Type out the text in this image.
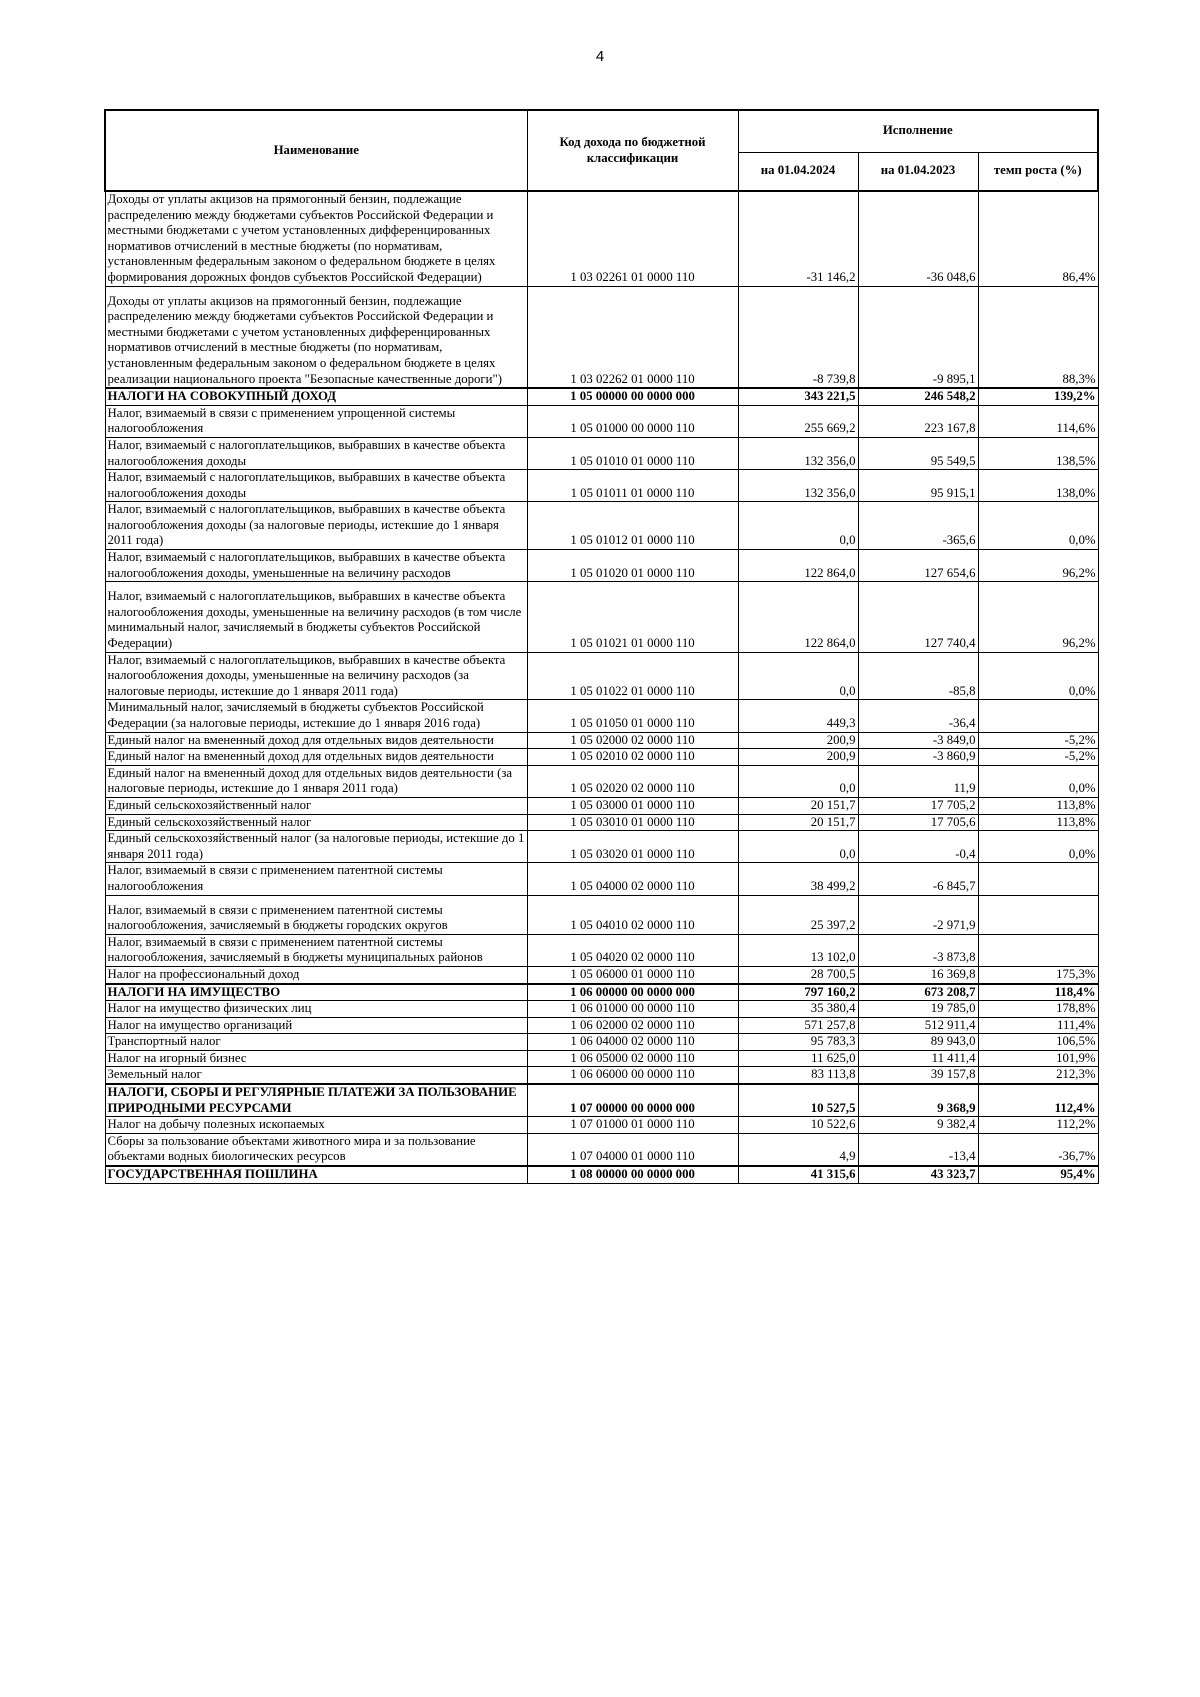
4
Наименование	Код дохода по бюджетной классификации	Исполнение		
		на 01.04.2024	на 01.04.2023	темп роста (%)
Доходы от уплаты акцизов на прямогонный бензин, подлежащие распределению между бюджетами субъектов Российской Федерации и местными бюджетами с учетом установленных дифференцированных нормативов отчислений в местные бюджеты (по нормативам, установленным федеральным законом о федеральном бюджете в целях формирования дорожных фондов субъектов Российской Федерации)	1 03 02261 01 0000 110	-31 146,2	-36 048,6	86,4%
Доходы от уплаты акцизов на прямогонный бензин, подлежащие распределению между бюджетами субъектов Российской Федерации и местными бюджетами с учетом установленных дифференцированных нормативов отчислений в местные бюджеты (по нормативам, установленным федеральным законом о федеральном бюджете в целях реализации национального проекта "Безопасные качественные дороги")	1 03 02262 01 0000 110	-8 739,8	-9 895,1	88,3%
НАЛОГИ НА СОВОКУПНЫЙ ДОХОД	1 05 00000 00 0000 000	343 221,5	246 548,2	139,2%
Налог, взимаемый в связи с применением упрощенной системы налогообложения	1 05 01000 00 0000 110	255 669,2	223 167,8	114,6%
Налог, взимаемый с налогоплательщиков, выбравших в качестве объекта налогообложения доходы	1 05 01010 01 0000 110	132 356,0	95 549,5	138,5%
Налог, взимаемый с налогоплательщиков, выбравших в качестве объекта налогообложения доходы	1 05 01011 01 0000 110	132 356,0	95 915,1	138,0%
Налог, взимаемый с налогоплательщиков, выбравших в качестве объекта налогообложения доходы (за налоговые периоды, истекшие до 1 января 2011 года)	1 05 01012 01 0000 110	0,0	-365,6	0,0%
Налог, взимаемый с налогоплательщиков, выбравших в качестве объекта налогообложения доходы, уменьшенные на величину расходов	1 05 01020 01 0000 110	122 864,0	127 654,6	96,2%
Налог, взимаемый с налогоплательщиков, выбравших в качестве объекта налогообложения доходы, уменьшенные на величину расходов (в том числе минимальный налог, зачисляемый в бюджеты субъектов Российской Федерации)	1 05 01021 01 0000 110	122 864,0	127 740,4	96,2%
Налог, взимаемый с налогоплательщиков, выбравших в качестве объекта налогообложения доходы, уменьшенные на величину расходов (за налоговые периоды, истекшие до 1 января 2011 года)	1 05 01022 01 0000 110	0,0	-85,8	0,0%
Минимальный налог, зачисляемый в бюджеты субъектов Российской Федерации (за налоговые периоды, истекшие до 1 января 2016 года)	1 05 01050 01 0000 110	449,3	-36,4	
Единый налог на вмененный доход для отдельных видов деятельности	1 05 02000 02 0000 110	200,9	-3 849,0	-5,2%
Единый налог на вмененный доход для отдельных видов деятельности	1 05 02010 02 0000 110	200,9	-3 860,9	-5,2%
Единый налог на вмененный доход для отдельных видов деятельности (за налоговые периоды, истекшие до 1 января 2011 года)	1 05 02020 02 0000 110	0,0	11,9	0,0%
Единый сельскохозяйственный налог	1 05 03000 01 0000 110	20 151,7	17 705,2	113,8%
Единый сельскохозяйственный налог	1 05 03010 01 0000 110	20 151,7	17 705,6	113,8%
Единый сельскохозяйственный налог (за налоговые периоды, истекшие до 1 января 2011 года)	1 05 03020 01 0000 110	0,0	-0,4	0,0%
Налог, взимаемый в связи с применением патентной системы налогообложения	1 05 04000 02 0000 110	38 499,2	-6 845,7	
Налог, взимаемый в связи с применением патентной системы налогообложения, зачисляемый в бюджеты городских округов	1 05 04010 02 0000 110	25 397,2	-2 971,9	
Налог, взимаемый в связи с применением патентной системы налогообложения, зачисляемый в бюджеты муниципальных районов	1 05 04020 02 0000 110	13 102,0	-3 873,8	
Налог на профессиональный доход	1 05 06000 01 0000 110	28 700,5	16 369,8	175,3%
НАЛОГИ НА ИМУЩЕСТВО	1 06 00000 00 0000 000	797 160,2	673 208,7	118,4%
Налог на имущество физических лиц	1 06 01000 00 0000 110	35 380,4	19 785,0	178,8%
Налог на имущество организаций	1 06 02000 02 0000 110	571 257,8	512 911,4	111,4%
Транспортный налог	1 06 04000 02 0000 110	95 783,3	89 943,0	106,5%
Налог на игорный бизнес	1 06 05000 02 0000 110	11 625,0	11 411,4	101,9%
Земельный налог	1 06 06000 00 0000 110	83 113,8	39 157,8	212,3%
НАЛОГИ, СБОРЫ И РЕГУЛЯРНЫЕ ПЛАТЕЖИ ЗА ПОЛЬЗОВАНИЕ ПРИРОДНЫМИ РЕСУРСАМИ	1 07 00000 00 0000 000	10 527,5	9 368,9	112,4%
Налог на добычу полезных ископаемых	1 07 01000 01 0000 110	10 522,6	9 382,4	112,2%
Сборы за пользование объектами животного мира и за пользование объектами водных биологических ресурсов	1 07 04000 01 0000 110	4,9	-13,4	-36,7%
ГОСУДАРСТВЕННАЯ ПОШЛИНА	1 08 00000 00 0000 000	41 315,6	43 323,7	95,4%
